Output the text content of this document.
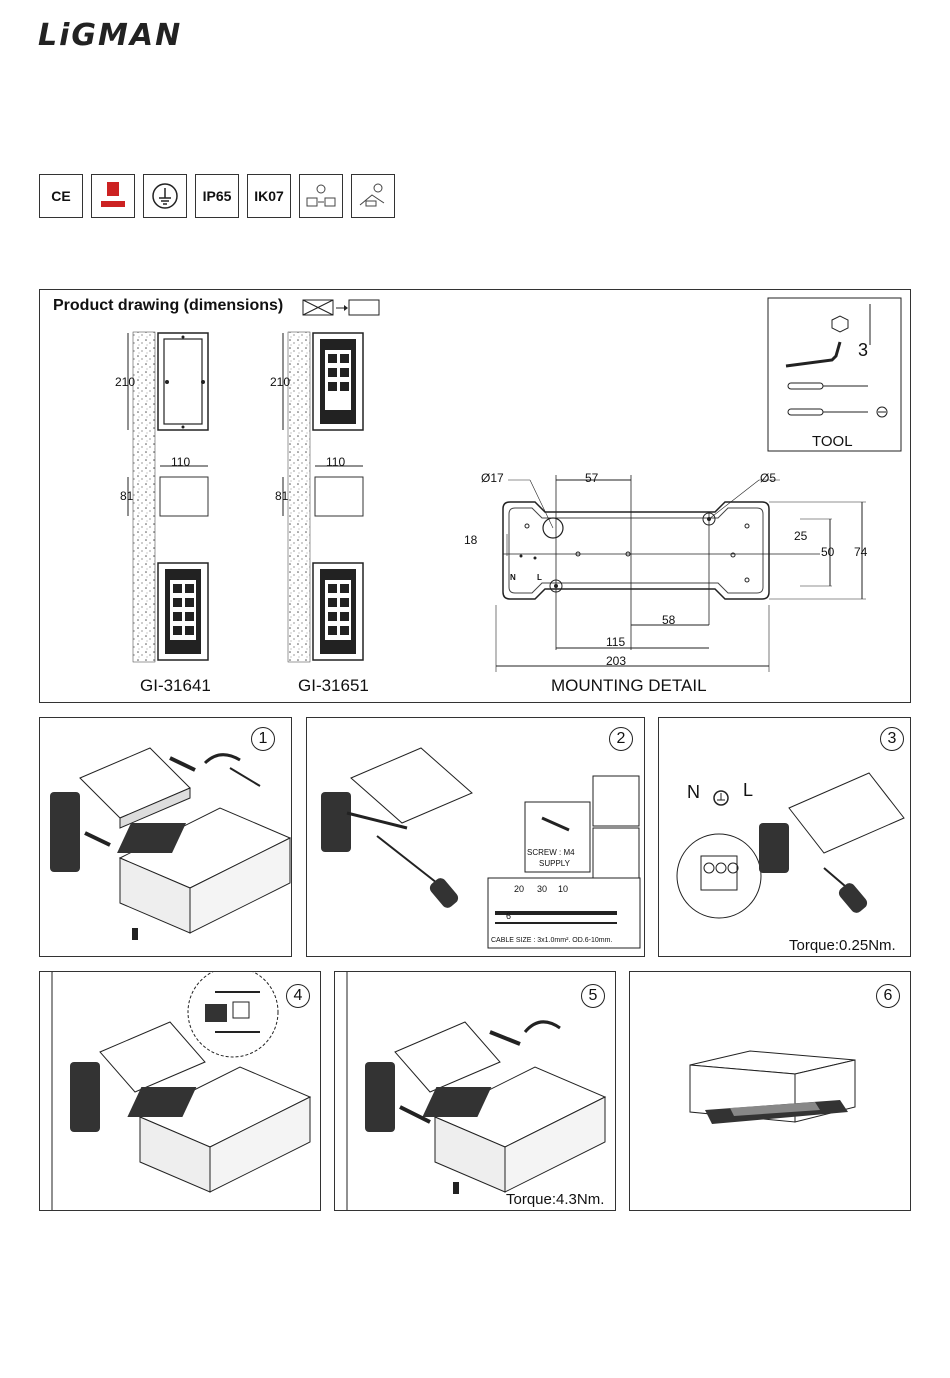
LiGMAN
CE	IP65	IK07
Product drawing (dimensions)
210
110
81
GI-31641
210
110
81
GI-31651
3
TOOL
Ø17	57	Ø5
18	25
50 74
58
115
203
N	L
MOUNTING DETAIL
1	2
SCREW : M4
SUPPLY
20 30 10
6
CABLE SIZE : 3x1.0mm². OD.6-10mm.
3
N L
Torque:0.25Nm.
4	5
Torque:4.3Nm.
6
